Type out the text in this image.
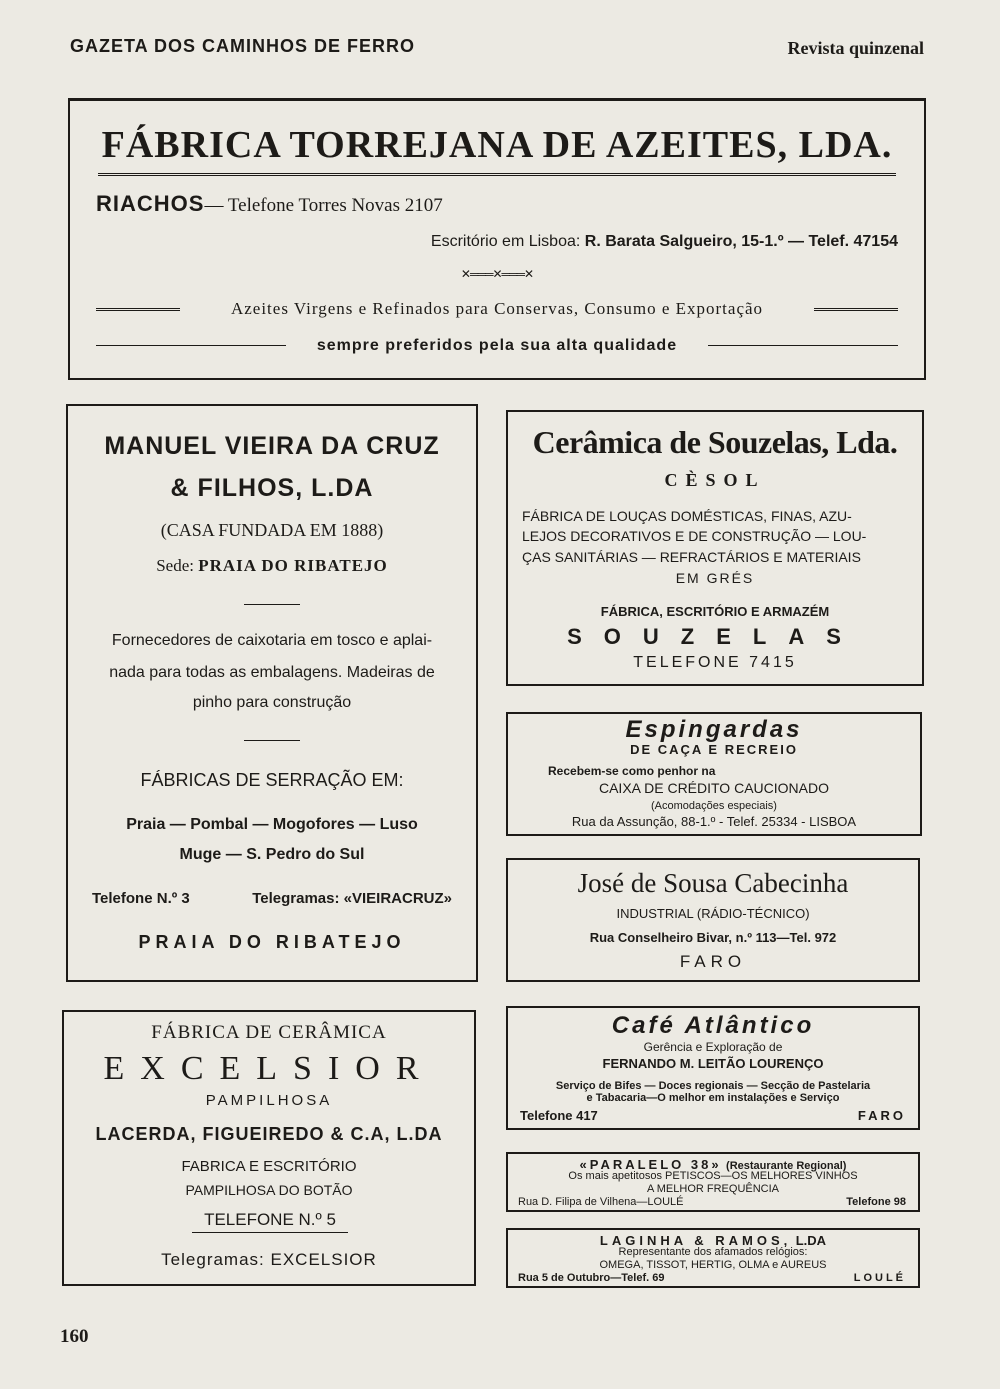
GAZETA DOS CAMINHOS DE FERRO	Revista quinzenal
FÁBRICA TORREJANA DE AZEITES, LDA.
RIACHOS— Telefone Torres Novas 2107
Escritório em Lisboa: R. Barata Salgueiro, 15-1.º — Telef. 47154
✕═══✕═══✕
Azeites Virgens e Refinados para Conservas, Consumo e Exportação
sempre preferidos pela sua alta qualidade
MANUEL VIEIRA DA CRUZ
& FILHOS, L.DA
(CASA FUNDADA EM 1888)
Sede: PRAIA DO RIBATEJO
Fornecedores de caixotaria em tosco e aplai-
nada para todas as embalagens. Madeiras de
pinho para construção
FÁBRICAS DE SERRAÇÃO EM:
Praia — Pombal — Mogofores — Luso
Muge — S. Pedro do Sul
Telefone N.º 3	Telegramas: «VIEIRACRUZ»
PRAIA DO RIBATEJO
FÁBRICA DE CERÂMICA
EXCELSIOR
PAMPILHOSA
LACERDA, FIGUEIREDO & C.A, L.DA
FABRICA E ESCRITÓRIO
PAMPILHOSA DO BOTÃO
TELEFONE N.º 5
Telegramas: EXCELSIOR
Cerâmica de Souzelas, Lda.
CÈSOL
FÁBRICA DE LOUÇAS DOMÉSTICAS, FINAS, AZU-
LEJOS DECORATIVOS E DE CONSTRUÇÃO — LOU-
ÇAS SANITÁRIAS — REFRACTÁRIOS E MATERIAIS
EM GRÉS
FÁBRICA, ESCRITÓRIO E ARMAZÉM
SOUZELAS
TELEFONE 7415
Espingardas
DE CAÇA E RECREIO
Recebem-se como penhor na
CAIXA DE CRÉDITO CAUCIONADO
(Acomodações especiais)
Rua da Assunção, 88-1.º - Telef. 25334 - LISBOA
José de Sousa Cabecinha
INDUSTRIAL (RÁDIO-TÉCNICO)
Rua Conselheiro Bivar, n.º 113—Tel. 972
FARO
Café Atlântico
Gerência e Exploração de
FERNANDO M. LEITÃO LOURENÇO
Serviço de Bifes — Doces regionais — Secção de Pastelaria
e Tabacaria—O melhor em instalações e Serviço
Telefone 417	FARO
«PARALELO 38» (Restaurante Regional)
Os mais apetitosos PETISCOS—OS MELHORES VINHOS
A MELHOR FREQUÊNCIA
Rua D. Filipa de Vilhena—LOULÉ	Telefone 98
LAGINHA & RAMOS, L.DA
Representante dos afamados relógios:
OMEGA, TISSOT, HERTIG, OLMA e AUREUS
Rua 5 de Outubro—Telef. 69	LOULÉ
160
